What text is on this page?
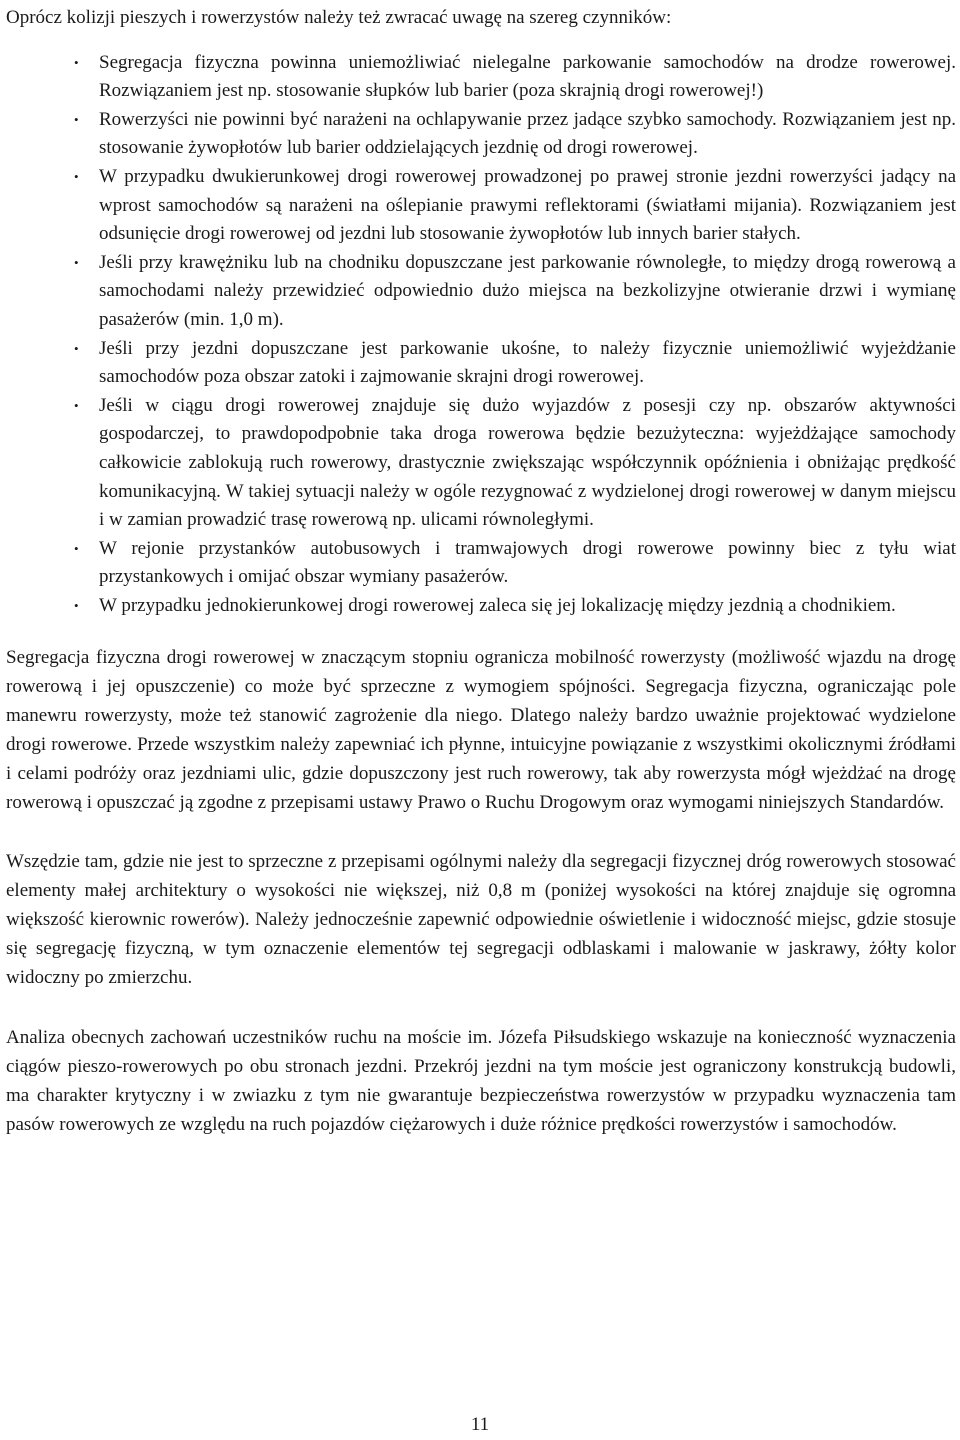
Oprócz kolizji pieszych i rowerzystów należy też zwracać uwagę na szereg czynników:

• Segregacja fizyczna powinna uniemożliwiać nielegalne parkowanie samochodów na drodze rowerowej. Rozwiązaniem jest np. stosowanie słupków lub barier (poza skrajnią drogi rowerowej!)
• Rowerzyści nie powinni być narażeni na ochlapywanie przez jadące szybko samochody. Rozwiązaniem jest np. stosowanie żywopłotów lub barier oddzielających jezdnię od drogi rowerowej.
• W przypadku dwukierunkowej drogi rowerowej prowadzonej po prawej stronie jezdni rowerzyści jadący na wprost samochodów są narażeni na oślepianie prawymi reflektorami (światłami mijania). Rozwiązaniem jest odsunięcie drogi rowerowej od jezdni lub stosowanie żywopłotów lub innych barier stałych.
• Jeśli przy krawężniku lub na chodniku dopuszczane jest parkowanie równoległe, to między drogą rowerową a samochodami należy przewidzieć odpowiednio dużo miejsca na bezkolizyjne otwieranie drzwi i wymianę pasażerów (min. 1,0 m).
• Jeśli przy jezdni dopuszczane jest parkowanie ukośne, to należy fizycznie uniemożliwić wyjeżdżanie samochodów poza obszar zatoki i zajmowanie skrajni drogi rowerowej.
• Jeśli w ciągu drogi rowerowej znajduje się dużo wyjazdów z posesji czy np. obszarów aktywności gospodarczej, to prawdopodpobnie taka droga rowerowa będzie bezużyteczna: wyjeżdżające samochody całkowicie zablokują ruch rowerowy, drastycznie zwiększając współczynnik opóźnienia i obniżając prędkość komunikacyjną. W takiej sytuacji należy w ogóle rezygnować z wydzielonej drogi rowerowej w danym miejscu i w zamian prowadzić trasę rowerową np. ulicami równoległymi.
• W rejonie przystanków autobusowych i tramwajowych drogi rowerowe powinny biec z tyłu wiat przystankowych i omijać obszar wymiany pasażerów.
• W przypadku jednokierunkowej drogi rowerowej zaleca się jej lokalizację między jezdnią a chodnikiem.

Segregacja fizyczna drogi rowerowej w znaczącym stopniu ogranicza mobilność rowerzysty (możliwość wjazdu na drogę rowerową i jej opuszczenie) co może być sprzeczne z wymogiem spójności. Segregacja fizyczna, ograniczając pole manewru rowerzysty, może też stanowić zagrożenie dla niego. Dlatego należy bardzo uważnie projektować wydzielone drogi rowerowe. Przede wszystkim należy zapewniać ich płynne, intuicyjne powiązanie z wszystkimi okolicznymi źródłami i celami podróży oraz jezdniami ulic, gdzie dopuszczony jest ruch rowerowy, tak aby rowerzysta mógł wjeżdżać na drogę rowerową i opuszczać ją zgodne z przepisami ustawy Prawo o Ruchu Drogowym oraz wymogami niniejszych Standardów.

Wszędzie tam, gdzie nie jest to sprzeczne z przepisami ogólnymi należy dla segregacji fizycznej dróg rowerowych stosować elementy małej architektury o wysokości nie większej, niż 0,8 m (poniżej wysokości na której znajduje się ogromna większość kierownic rowerów). Należy jednocześnie zapewnić odpowiednie oświetlenie i widoczność miejsc, gdzie stosuje się segregację fizyczną, w tym oznaczenie elementów tej segregacji odblaskami i malowanie w jaskrawy, żółty kolor widoczny po zmierzchu.

Analiza obecnych zachowań uczestników ruchu na moście im. Józefa Piłsudskiego wskazuje na konieczność wyznaczenia ciągów pieszo-rowerowych po obu stronach jezdni. Przekrój jezdni na tym moście jest ograniczony konstrukcją budowli, ma charakter krytyczny i w zwiazku z tym nie gwarantuje bezpieczeństwa rowerzystów w przypadku wyznaczenia tam pasów rowerowych ze względu na ruch pojazdów ciężarowych i duże różnice prędkości rowerzystów i samochodów.

11
